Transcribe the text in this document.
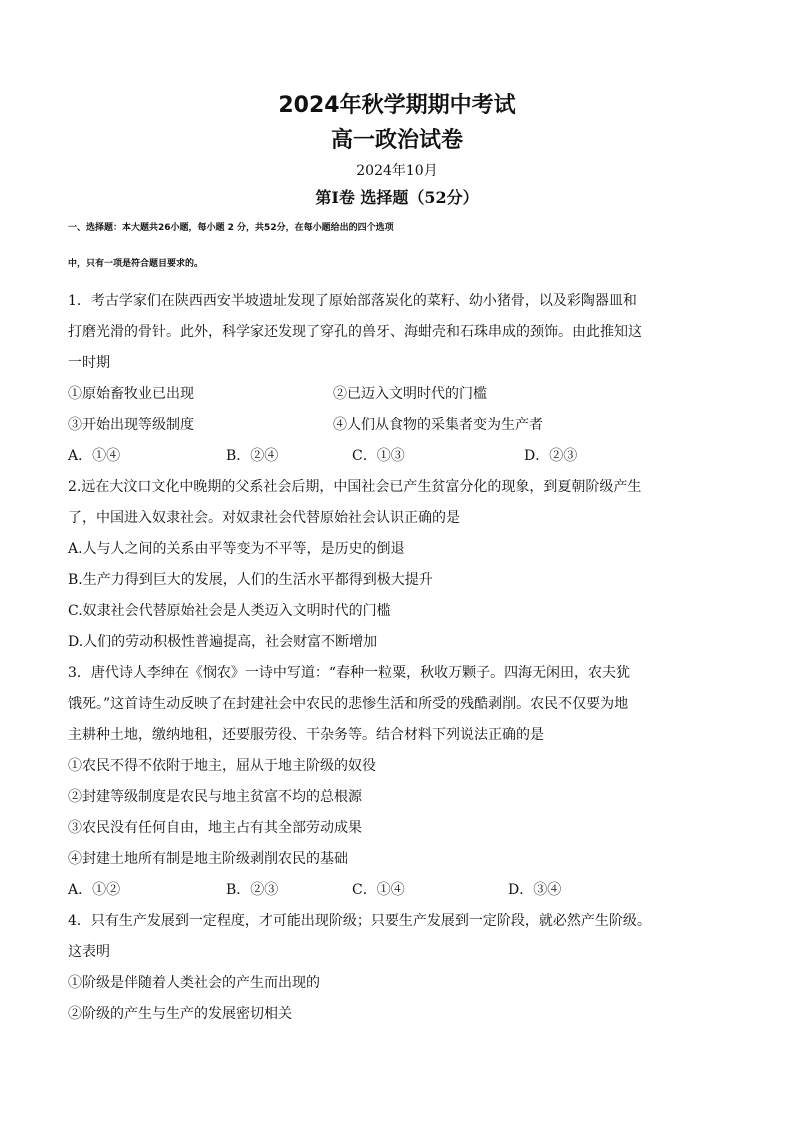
2024年秋学期期中考试
高一政治试卷
2024年10月
第Ⅰ卷 选择题（52分）
一、选择题：本大题共26小题，每小题 2 分，共52分，在每小题给出的四个选项
中，只有一项是符合题目要求的。
1．考古学家们在陕西西安半坡遗址发现了原始部落炭化的菜籽、幼小猪骨，以及彩陶器皿和
打磨光滑的骨针。此外，科学家还发现了穿孔的兽牙、海蚶壳和石珠串成的颈饰。由此推知这
一时期
①原始畜牧业已出现	②已迈入文明时代的门槛
③开始出现等级制度	④人们从食物的采集者变为生产者
A．①④	B．②④	C．①③	D．②③
2.远在大汶口文化中晚期的父系社会后期，中国社会已产生贫富分化的现象，到夏朝阶级产生
了，中国进入奴隶社会。对奴隶社会代替原始社会认识正确的是
A.人与人之间的关系由平等变为不平等，是历史的倒退
B.生产力得到巨大的发展，人们的生活水平都得到极大提升
C.奴隶社会代替原始社会是人类迈入文明时代的门槛
D.人们的劳动积极性普遍提高，社会财富不断增加
3．唐代诗人李绅在《悯农》一诗中写道：“春种一粒粟，秋收万颗子。四海无闲田，农夫犹
饿死。”这首诗生动反映了在封建社会中农民的悲惨生活和所受的残酷剥削。农民不仅要为地
主耕种土地，缴纳地租，还要服劳役、干杂务等。结合材料下列说法正确的是
①农民不得不依附于地主，屈从于地主阶级的奴役
②封建等级制度是农民与地主贫富不均的总根源
③农民没有任何自由，地主占有其全部劳动成果
④封建土地所有制是地主阶级剥削农民的基础
A．①②	B．②③	C．①④	D．③④
4．只有生产发展到一定程度，才可能出现阶级；只要生产发展到一定阶段，就必然产生阶级。
这表明
①阶级是伴随着人类社会的产生而出现的
②阶级的产生与生产的发展密切相关
